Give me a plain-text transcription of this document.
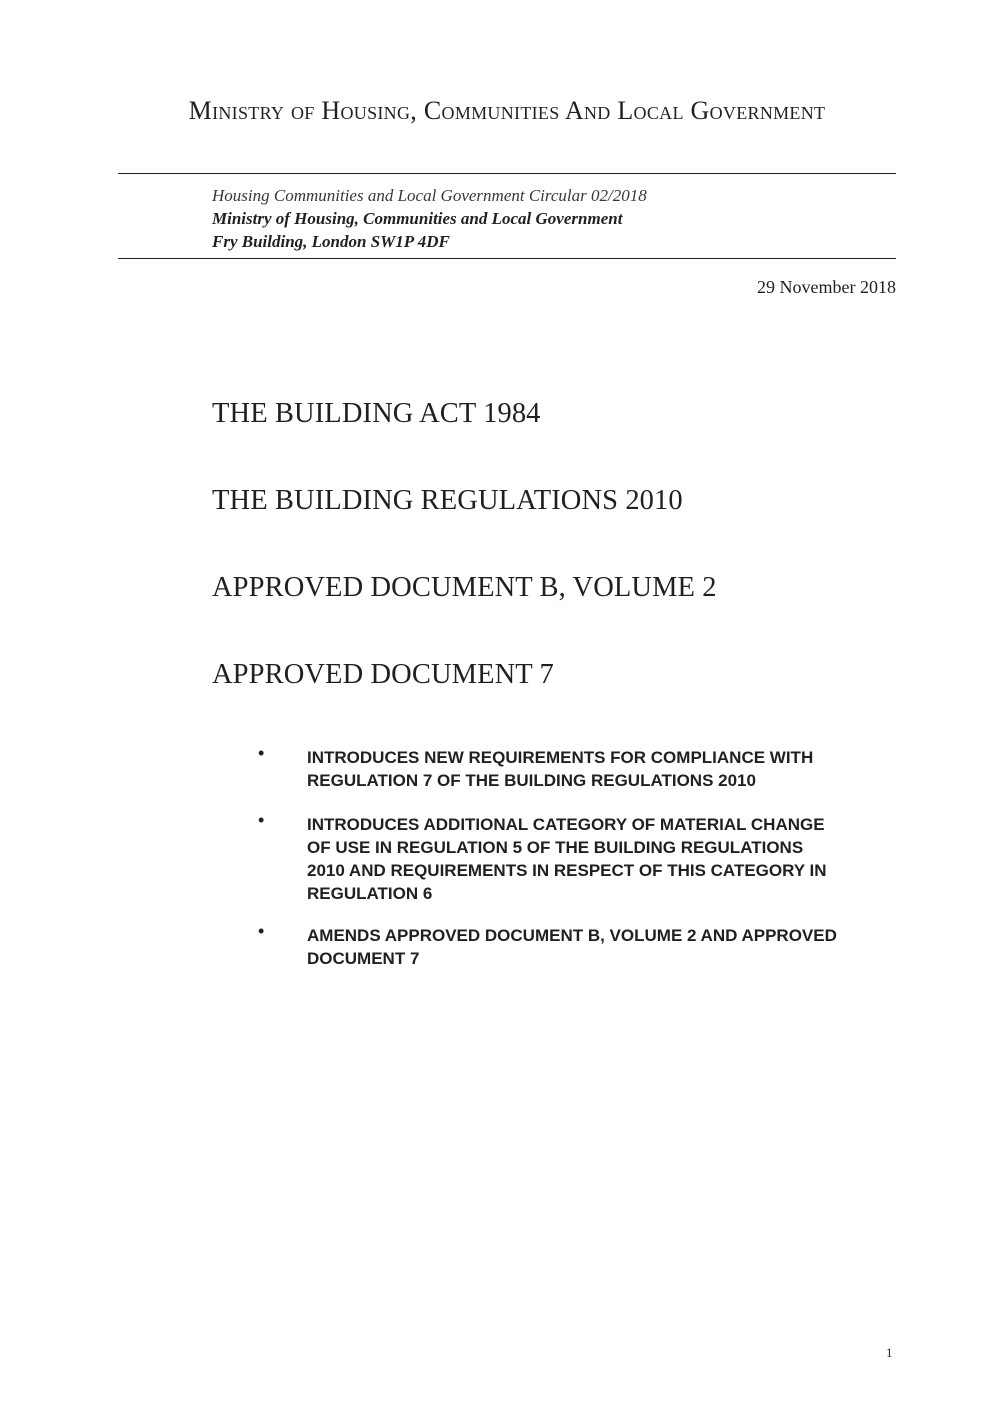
Ministry of Housing, Communities And Local Government
Housing Communities and Local Government Circular 02/2018
Ministry of Housing, Communities and Local Government
Fry Building, London SW1P 4DF
29 November 2018
THE BUILDING ACT 1984
THE BUILDING REGULATIONS 2010
APPROVED DOCUMENT B, VOLUME 2
APPROVED DOCUMENT 7
•	INTRODUCES NEW REQUIREMENTS FOR COMPLIANCE WITH
REGULATION 7 OF THE BUILDING REGULATIONS 2010
•	INTRODUCES ADDITIONAL CATEGORY OF MATERIAL CHANGE
OF USE IN REGULATION 5 OF THE BUILDING REGULATIONS
2010 AND REQUIREMENTS IN RESPECT OF THIS CATEGORY IN
REGULATION 6
•	AMENDS APPROVED DOCUMENT B, VOLUME 2 AND APPROVED
DOCUMENT 7
1
